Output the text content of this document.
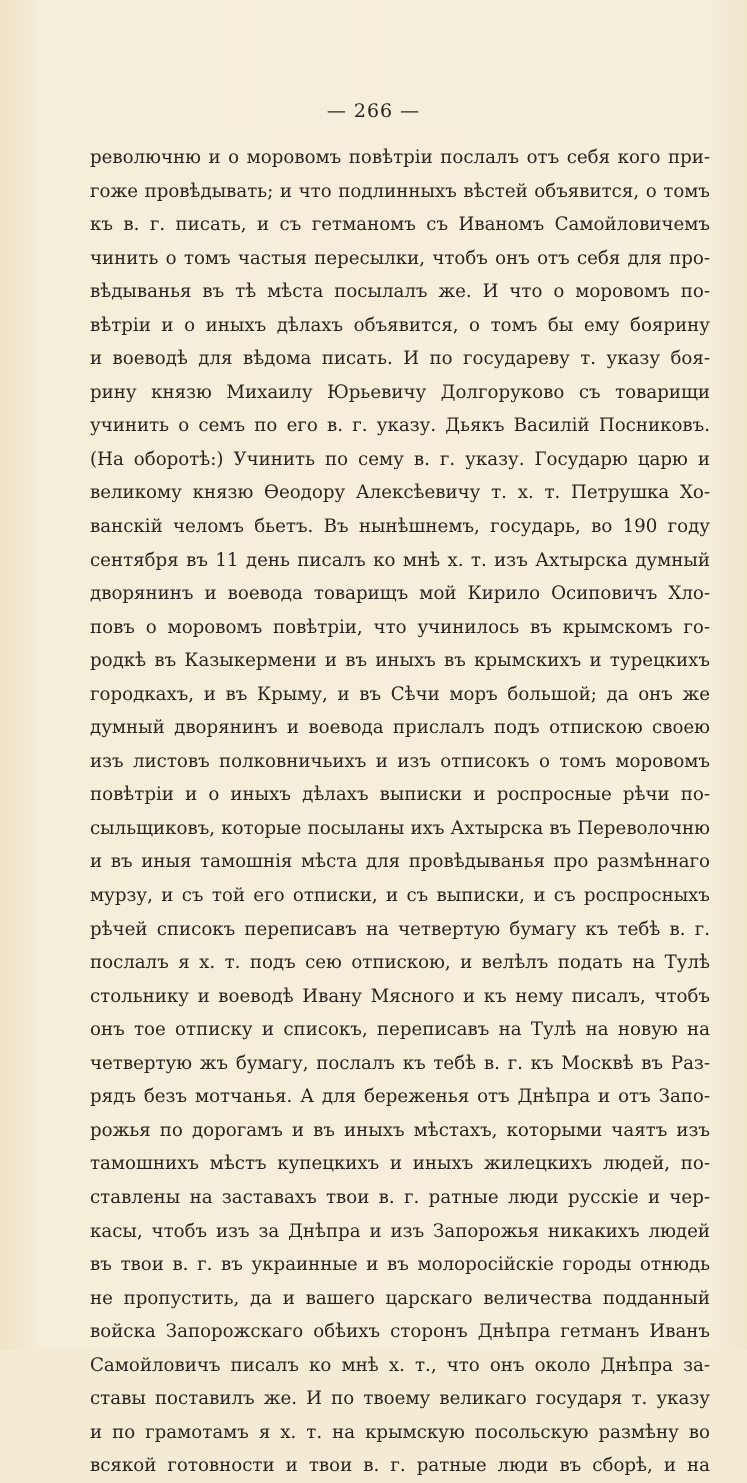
— 266 —
револючню и о моровомъ повѣтріи послалъ отъ себя кого при-
гоже провѣдывать; и что подлинныхъ вѣстей объявится, о томъ
къ в. г. писать, и съ гетманомъ съ Иваномъ Самойловичемъ
чинить о томъ частыя пересылки, чтобъ онъ отъ себя для про-
вѣдыванья въ тѣ мѣста посылалъ же. И что о моровомъ по-
вѣтріи и о иныхъ дѣлахъ объявится, о томъ бы ему боярину
и воеводѣ для вѣдома писать. И по государеву т. указу боя-
рину князю Михаилу Юрьевичу Долгоруково съ товарищи
учинить о семъ по его в. г. указу. Дьякъ Василій Посниковъ.
(На оборотѣ:) Учинить по сему в. г. указу. Государю царю и
великому князю Өеодору Алексѣевичу т. х. т. Петрушка Хо-
ванскій челомъ бьетъ. Въ нынѣшнемъ, государь, во 190 году
сентября въ 11 день писалъ ко мнѣ х. т. изъ Ахтырска думный
дворянинъ и воевода товарищъ мой Кирило Осиповичъ Хло-
повъ о моровомъ повѣтріи, что учинилось въ крымскомъ го-
родкѣ въ Казыкермени и въ иныхъ въ крымскихъ и турецкихъ
городкахъ, и въ Крыму, и въ Сѣчи моръ большой; да онъ же
думный дворянинъ и воевода прислалъ подъ отпискою своею
изъ листовъ полковничьихъ и изъ отписокъ о томъ моровомъ
повѣтріи и о иныхъ дѣлахъ выписки и роспросные рѣчи по-
сыльщиковъ, которые посыланы ихъ Ахтырска въ Переволочню
и въ иныя тамошнія мѣста для провѣдыванья про размѣннаго
мурзу, и съ той его отписки, и съ выписки, и съ роспросныхъ
рѣчей списокъ переписавъ на четвертую бумагу къ тебѣ в. г.
послалъ я х. т. подъ сею отпискою, и велѣлъ подать на Тулѣ
стольнику и воеводѣ Ивану Мясного и къ нему писалъ, чтобъ
онъ тое отписку и списокъ, переписавъ на Тулѣ на новую на
четвертую жъ бумагу, послалъ къ тебѣ в. г. къ Москвѣ въ Раз-
рядъ безъ мотчанья. А для береженья отъ Днѣпра и отъ Запо-
рожья по дорогамъ и въ иныхъ мѣстахъ, которыми чаятъ изъ
тамошнихъ мѣстъ купецкихъ и иныхъ жилецкихъ людей, по-
ставлены на заставахъ твои в. г. ратные люди русскіе и чер-
касы, чтобъ изъ за Днѣпра и изъ Запорожья никакихъ людей
въ твои в. г. въ украинные и въ молоросійскіе городы отнюдь
не пропустить, да и вашего царскаго величества подданный
войска Запорожскаго обѣихъ сторонъ Днѣпра гетманъ Иванъ
Самойловичъ писалъ ко мнѣ х. т., что онъ около Днѣпра за-
ставы поставилъ же. И по твоему великаго государя т. указу
и по грамотамъ я х. т. на крымскую посольскую размѣну во
всякой готовности и твои в. г. ратные люди въ сборѣ, и на
